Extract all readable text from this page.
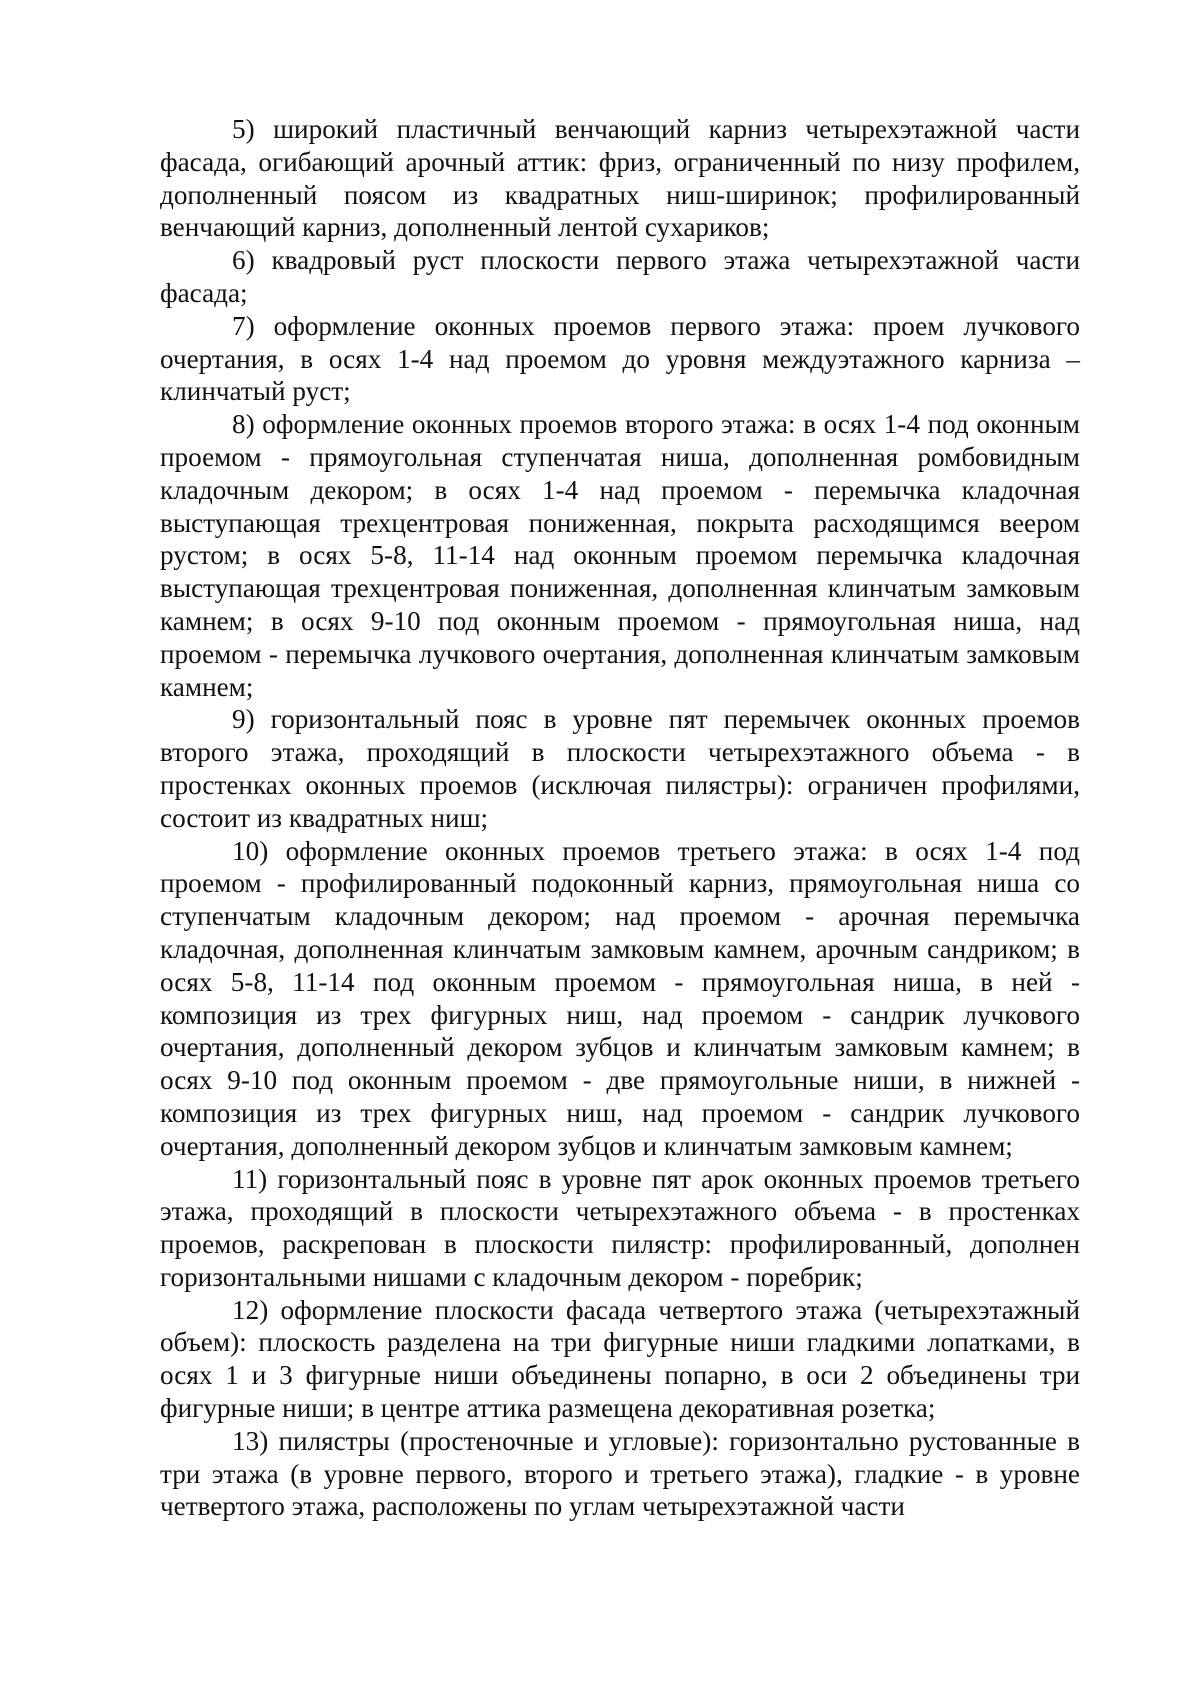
5) широкий пластичный венчающий карниз четырехэтажной части фасада, огибающий арочный аттик: фриз, ограниченный по низу профилем, дополненный поясом из квадратных ниш-ширинок; профилированный венчающий карниз, дополненный лентой сухариков;

6) квадровый руст плоскости первого этажа четырехэтажной части фасада;

7) оформление оконных проемов первого этажа: проем лучкового очертания, в осях 1-4 над проемом до уровня междуэтажного карниза – клинчатый руст;

8) оформление оконных проемов второго этажа: в осях 1-4 под оконным проемом - прямоугольная ступенчатая ниша, дополненная ромбовидным кладочным декором; в осях 1-4 над проемом - перемычка кладочная выступающая трехцентровая пониженная, покрыта расходящимся веером рустом; в осях 5-8, 11-14 над оконным проемом перемычка кладочная выступающая трехцентровая пониженная, дополненная клинчатым замковым камнем; в осях 9-10 под оконным проемом - прямоугольная ниша, над проемом - перемычка лучкового очертания, дополненная клинчатым замковым камнем;

9) горизонтальный пояс в уровне пят перемычек оконных проемов второго этажа, проходящий в плоскости четырехэтажного объема - в простенках оконных проемов (исключая пилястры): ограничен профилями, состоит из квадратных ниш;

10) оформление оконных проемов третьего этажа: в осях 1-4 под проемом - профилированный подоконный карниз, прямоугольная ниша со ступенчатым кладочным декором; над проемом - арочная перемычка кладочная, дополненная клинчатым замковым камнем, арочным сандриком; в осях 5-8, 11-14 под оконным проемом - прямоугольная ниша, в ней - композиция из трех фигурных ниш, над проемом - сандрик лучкового очертания, дополненный декором зубцов и клинчатым замковым камнем; в осях 9-10 под оконным проемом - две прямоугольные ниши, в нижней - композиция из трех фигурных ниш, над проемом - сандрик лучкового очертания, дополненный декором зубцов и клинчатым замковым камнем;

11) горизонтальный пояс в уровне пят арок оконных проемов третьего этажа, проходящий в плоскости четырехэтажного объема - в простенках проемов, раскрепован в плоскости пилястр: профилированный, дополнен горизонтальными нишами с кладочным декором - поребрик;

12) оформление плоскости фасада четвертого этажа (четырехэтажный объем): плоскость разделена на три фигурные ниши гладкими лопатками, в осях 1 и 3 фигурные ниши объединены попарно, в оси 2 объединены три фигурные ниши; в центре аттика размещена декоративная розетка;

13) пилястры (простеночные и угловые): горизонтально рустованные в три этажа (в уровне первого, второго и третьего этажа), гладкие - в уровне четвертого этажа, расположены по углам четырехэтажной части
